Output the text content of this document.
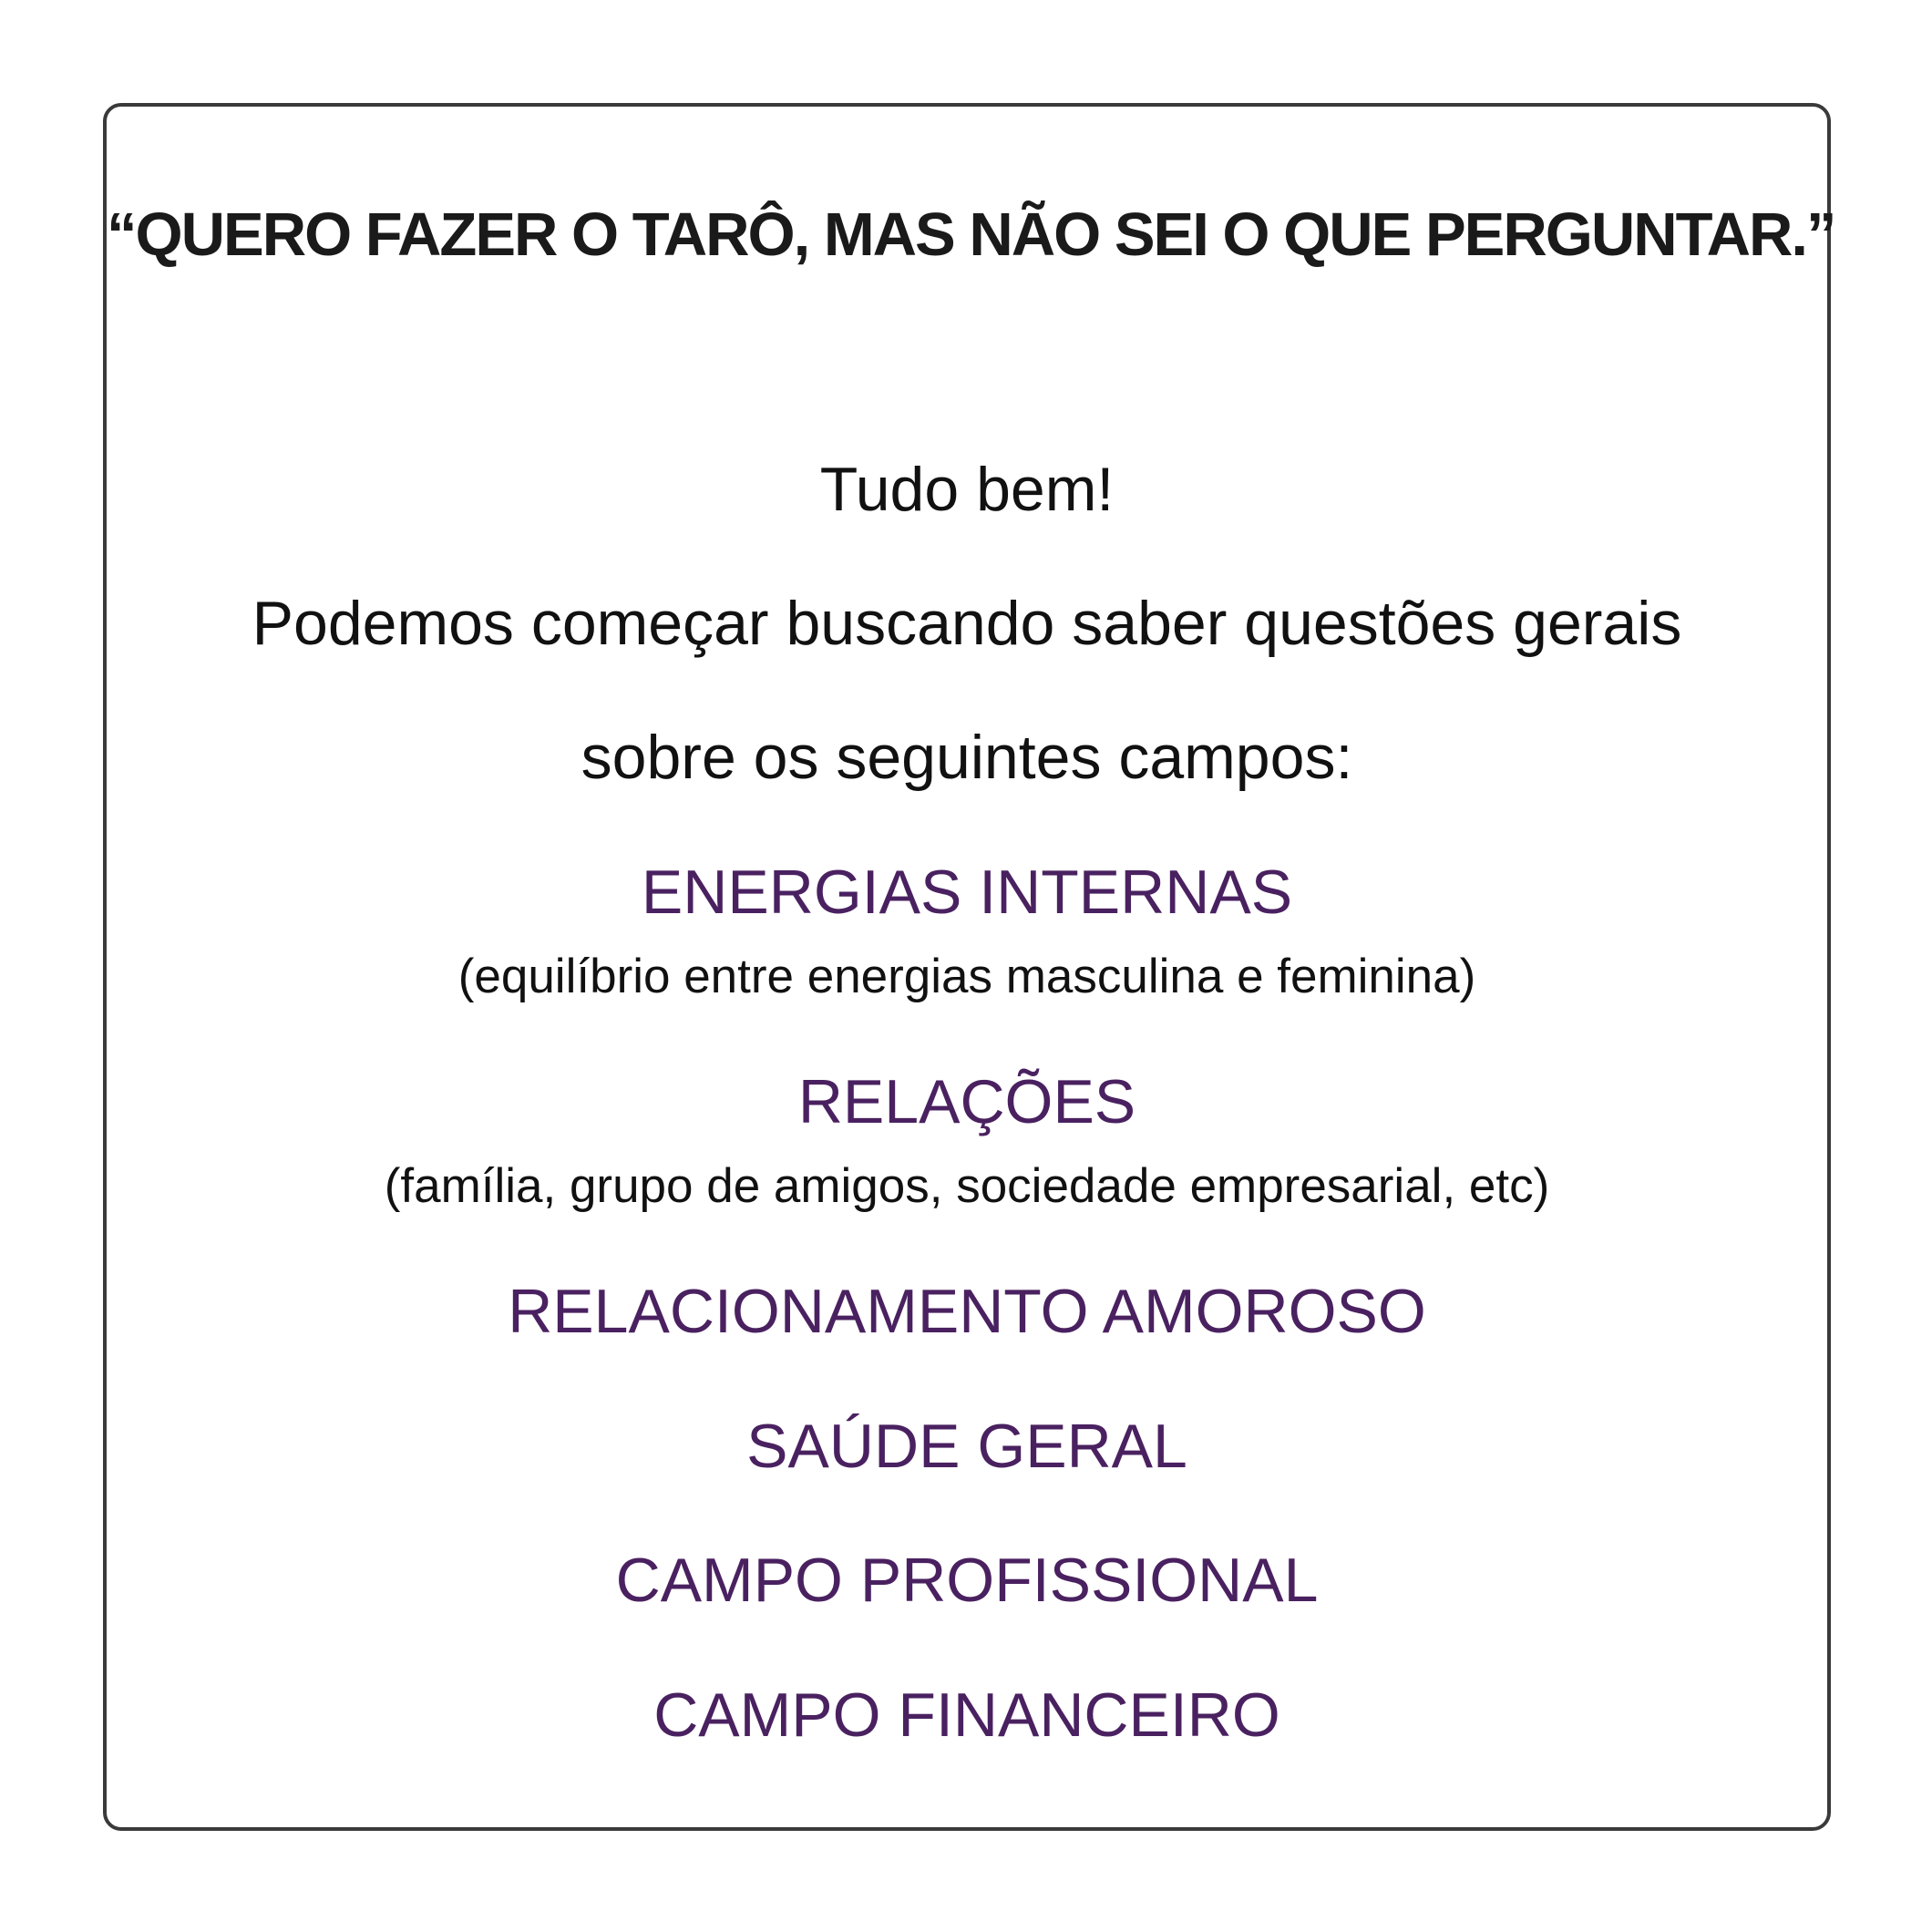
“QUERO FAZER O TARÔ, MAS NÃO SEI O QUE PERGUNTAR.”
Tudo bem!
Podemos começar buscando saber questões gerais
sobre os seguintes campos:
ENERGIAS INTERNAS
(equilíbrio entre energias masculina e feminina)
RELAÇÕES
(família, grupo de amigos, sociedade empresarial, etc)
RELACIONAMENTO AMOROSO
SAÚDE GERAL
CAMPO PROFISSIONAL
CAMPO FINANCEIRO
